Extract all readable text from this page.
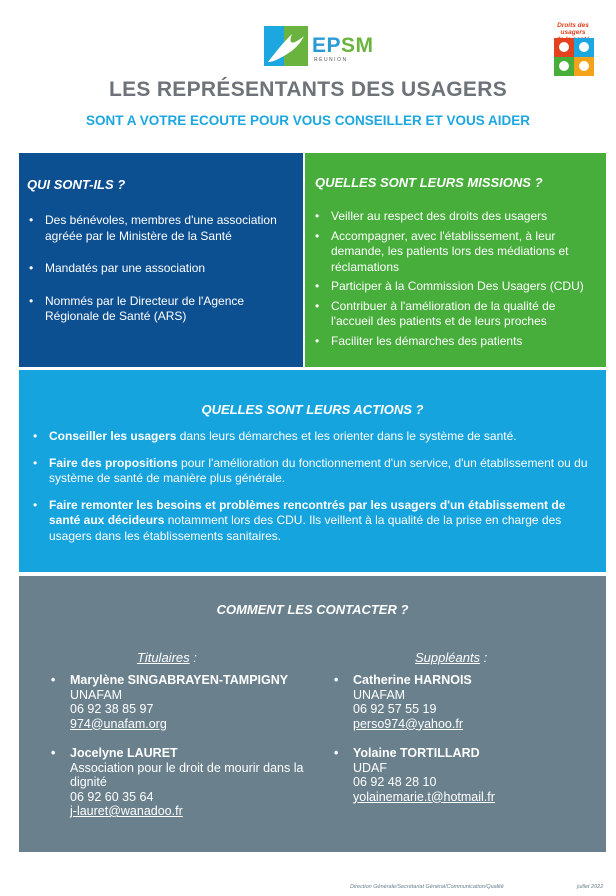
EPSM
RÉUNION
Droits des usagers

LES REPRÉSENTANTS DES USAGERS
SONT A VOTRE ECOUTE POUR VOUS CONSEILLER ET VOUS AIDER

QUI SONT-ILS ?

• Des bénévoles, membres d'une association agréée par le Ministère de la Santé
• Mandatés par une association
• Nommés par le Directeur de l'Agence Régionale de Santé (ARS)

QUELLES SONT LEURS MISSIONS ?

• Veiller au respect des droits des usagers
• Accompagner, avec l'établissement, à leur demande, les patients lors des médiations et réclamations
• Participer à la Commission Des Usagers (CDU)
• Contribuer à l'amélioration de la qualité de l'accueil des patients et de leurs proches
• Faciliter les démarches des patients

QUELLES SONT LEURS ACTIONS ?

• Conseiller les usagers dans leurs démarches et les orienter dans le système de santé.
• Faire des propositions pour l'amélioration du fonctionnement d'un service, d'un établissement ou du système de santé de manière plus générale.
• Faire remonter les besoins et problèmes rencontrés par les usagers d'un établissement de santé aux décideurs notamment lors des CDU. Ils veillent à la qualité de la prise en charge des usagers dans les établissements sanitaires.

COMMENT LES CONTACTER ?

Titulaires :	Suppléants :
• Marylène SINGABRAYEN-TAMPIGNY
UNAFAM
06 92 38 85 97
974@unafam.org
• Jocelyne LAURET
Association pour le droit de mourir dans la dignité
06 92 60 35 64
j-lauret@wanadoo.fr
• Catherine HARNOIS
UNAFAM
06 92 57 55 19
perso974@yahoo.fr
• Yolaine TORTILLARD
UDAF
06 92 48 28 10
yolainemarie.t@hotmail.fr
Direction Générale/Secrétariat Général/Communication/Qualité	juillet 2022
